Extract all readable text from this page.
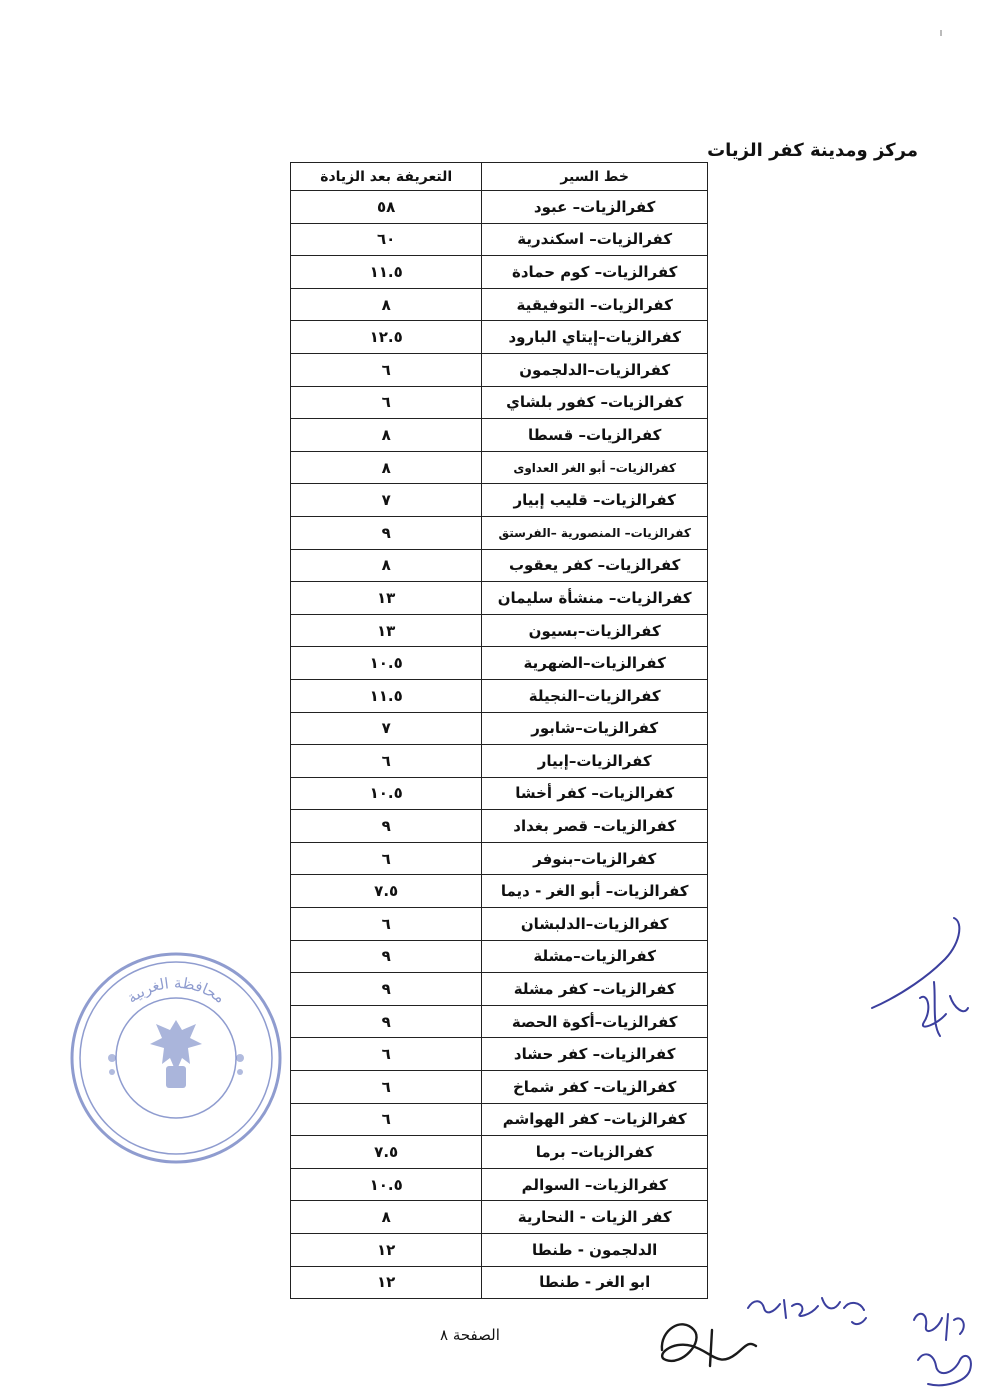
مركز ومدينة كفر الزيات
خط السير	التعريفة بعد الزيادة
كفرالزيات– عبود	٥٨
كفرالزيات– اسكندرية	٦٠
كفرالزيات– كوم حمادة	١١.٥
كفرالزيات– التوفيقية	٨
كفرالزيات–إيتاي البارود	١٢.٥
كفرالزيات–الدلجمون	٦
كفرالزيات– كفور بلشاي	٦
كفرالزيات– قسطا	٨
كفرالزيات– أبو الغر العداوى	٨
كفرالزيات– قليب إبيار	٧
كفرالزيات– المنصورية –الفرستق	٩
كفرالزيات– كفر يعقوب	٨
كفرالزيات– منشأة سليمان	١٣
كفرالزيات–بسيون	١٣
كفرالزيات–الضهرية	١٠.٥
كفرالزيات–النجيلة	١١.٥
كفرالزيات–شابور	٧
كفرالزيات–إبيار	٦
كفرالزيات– كفر أخشا	١٠.٥
كفرالزيات– قصر بغداد	٩
كفرالزيات–بنوفر	٦
كفرالزيات– أبو الغر - ديما	٧.٥
كفرالزيات–الدلبشان	٦
كفرالزيات–مشلة	٩
كفرالزيات– كفر مشلة	٩
كفرالزيات–أكوة الحصة	٩
كفرالزيات– كفر حشاد	٦
كفرالزيات– كفر شماخ	٦
كفرالزيات– كفر الهواشم	٦
كفرالزيات– برما	٧.٥
كفرالزيات– السوالم	١٠.٥
كفر الزيات - النحارية	٨
الدلجمون - طنطا	١٢
ابو الغر - طنطا	١٢
الصفحة ٨
محافظة الغربية
